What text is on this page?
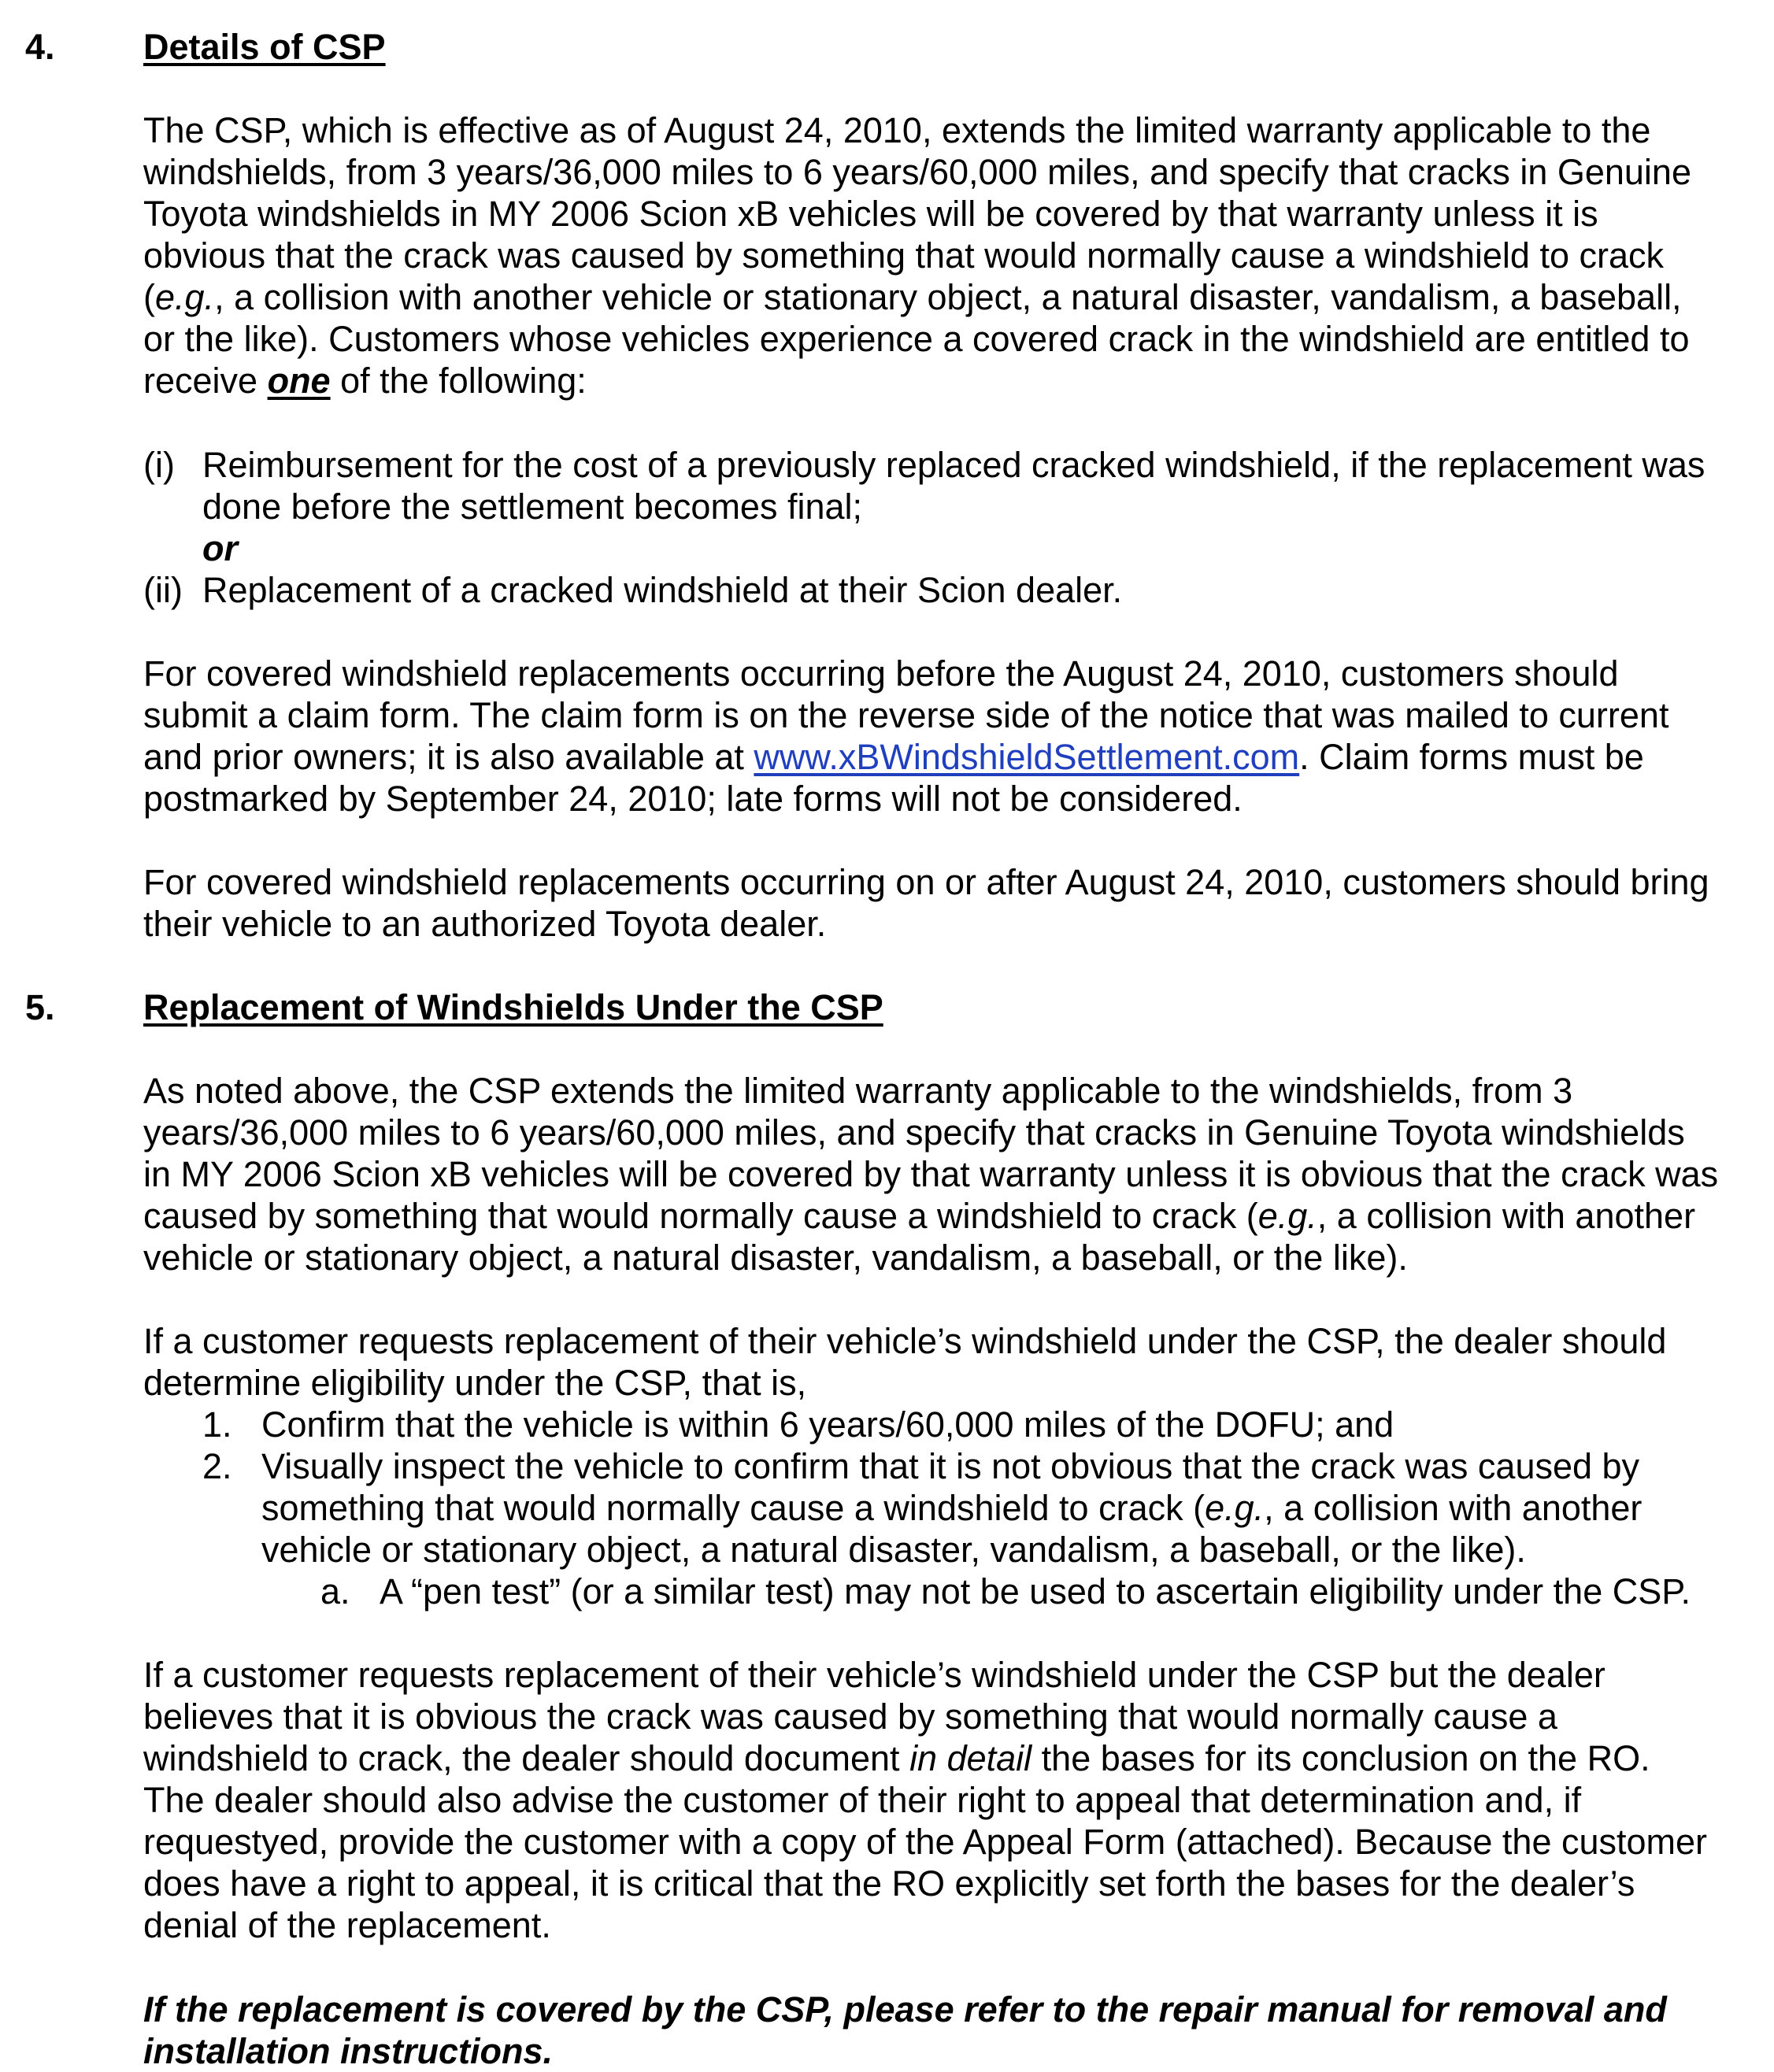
4. Details of CSP

The CSP, which is effective as of August 24, 2010, extends the limited warranty applicable to the

windshields, from 3 years/36,000 miles to 6 years/60,000 miles, and specify that cracks in Genuine

Toyota windshields in MY 2006 Scion xB vehicles will be covered by that warranty unless it is

obvious that the crack was caused by something that would normally cause a windshield to crack

(e.g., a collision with another vehicle or stationary object, a natural disaster, vandalism, a baseball,

or the like). Customers whose vehicles experience a covered crack in the windshield are entitled to

receive one of the following:

(i) Reimbursement for the cost of a previously replaced cracked windshield, if the replacement was
done before the settlement becomes final;
or
(ii) Replacement of a cracked windshield at their Scion dealer.

For covered windshield replacements occurring before the August 24, 2010, customers should

submit a claim form. The claim form is on the reverse side of the notice that was mailed to current

and prior owners; it is also available at www.xBWindshieldSettlement.com. Claim forms must be

postmarked by September 24, 2010; late forms will not be considered.

For covered windshield replacements occurring on or after August 24, 2010, customers should bring

their vehicle to an authorized Toyota dealer.

5. Replacement of Windshields Under the CSP

As noted above, the CSP extends the limited warranty applicable to the windshields, from 3

years/36,000 miles to 6 years/60,000 miles, and specify that cracks in Genuine Toyota windshields

in MY 2006 Scion xB vehicles will be covered by that warranty unless it is obvious that the crack was

caused by something that would normally cause a windshield to crack (e.g., a collision with another

vehicle or stationary object, a natural disaster, vandalism, a baseball, or the like).

If a customer requests replacement of their vehicle’s windshield under the CSP, the dealer should

determine eligibility under the CSP, that is,

1. Confirm that the vehicle is within 6 years/60,000 miles of the DOFU; and
2. Visually inspect the vehicle to confirm that it is not obvious that the crack was caused by
something that would normally cause a windshield to crack (e.g., a collision with another
vehicle or stationary object, a natural disaster, vandalism, a baseball, or the like).
a. A “pen test” (or a similar test) may not be used to ascertain eligibility under the CSP.

If a customer requests replacement of their vehicle’s windshield under the CSP but the dealer

believes that it is obvious the crack was caused by something that would normally cause a

windshield to crack, the dealer should document in detail the bases for its conclusion on the RO.

The dealer should also advise the customer of their right to appeal that determination and, if

requestyed, provide the customer with a copy of the Appeal Form (attached). Because the customer

does have a right to appeal, it is critical that the RO explicitly set forth the bases for the dealer’s

denial of the replacement.

If the replacement is covered by the CSP, please refer to the repair manual for removal and

installation instructions.
